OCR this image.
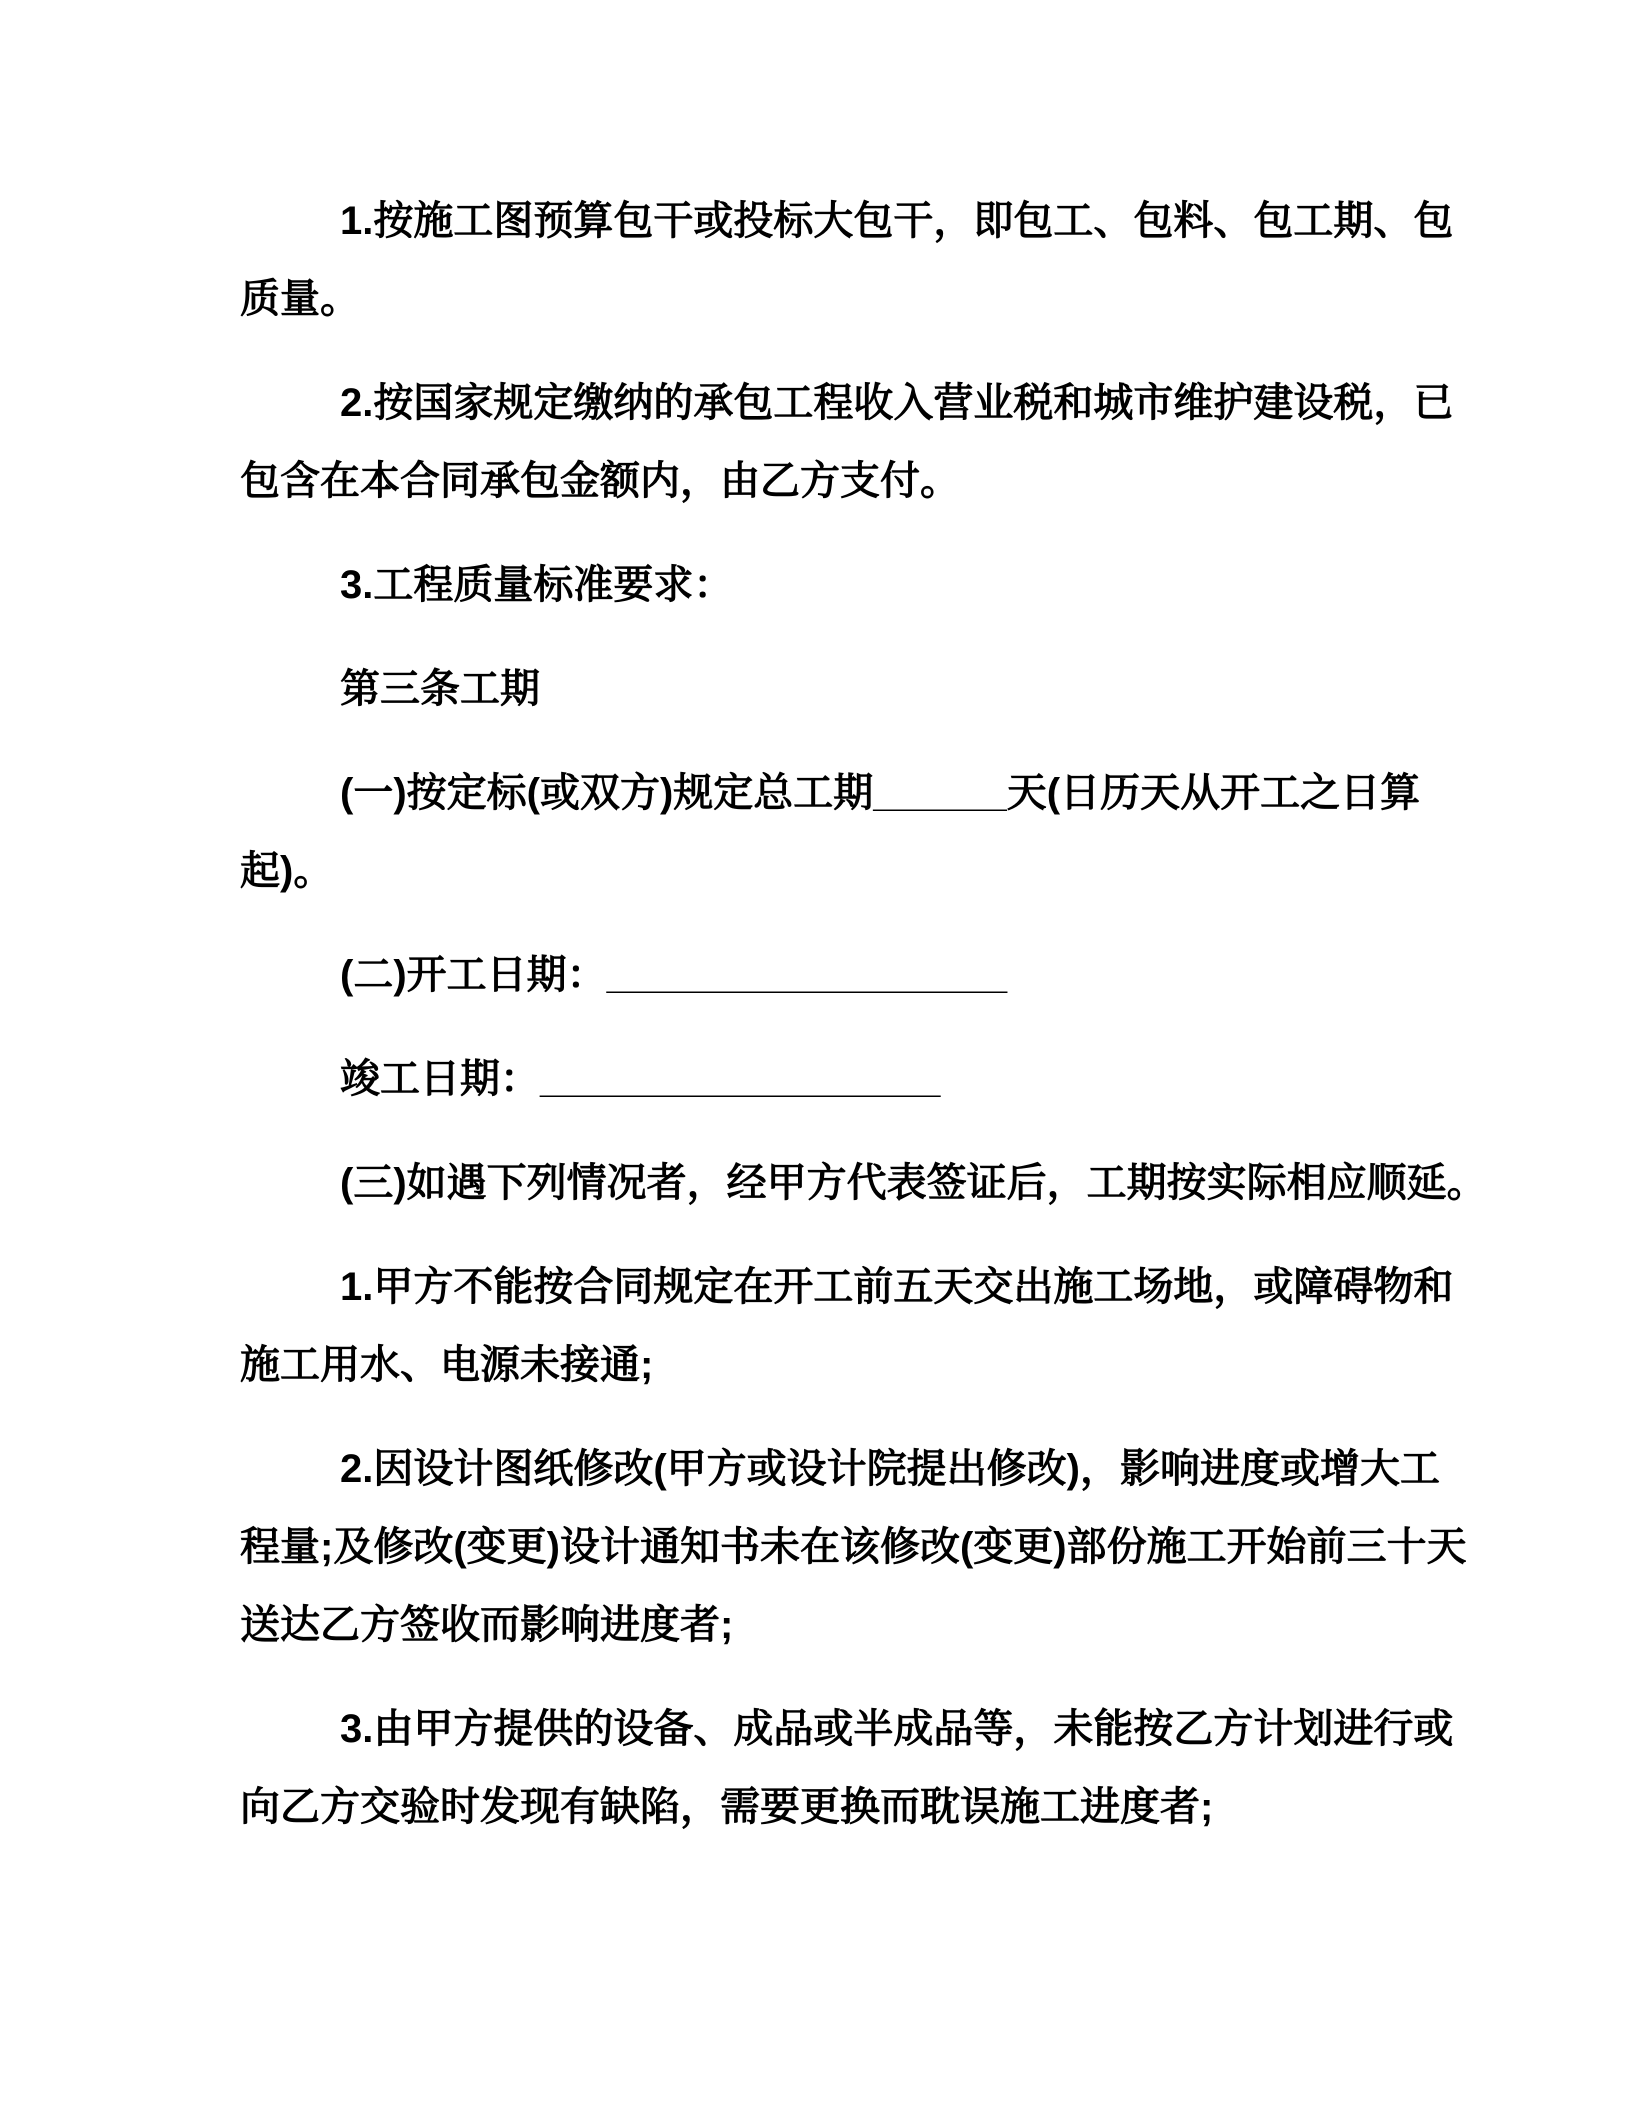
1.按施工图预算包干或投标大包干，即包工、包料、包工期、包
质量。
2.按国家规定缴纳的承包工程收入营业税和城市维护建设税，已
包含在本合同承包金额内，由乙方支付。
3.工程质量标准要求：
第三条工期
(一)按定标(或双方)规定总工期______天(日历天从开工之日算
起)。
(二)开工日期：__________________
竣工日期：__________________
(三)如遇下列情况者，经甲方代表签证后，工期按实际相应顺延。
1.甲方不能按合同规定在开工前五天交出施工场地，或障碍物和
施工用水、电源未接通;
2.因设计图纸修改(甲方或设计院提出修改)，影响进度或增大工
程量;及修改(变更)设计通知书未在该修改(变更)部份施工开始前三十天
送达乙方签收而影响进度者;
3.由甲方提供的设备、成品或半成品等，未能按乙方计划进行或
向乙方交验时发现有缺陷，需要更换而耽误施工进度者;
